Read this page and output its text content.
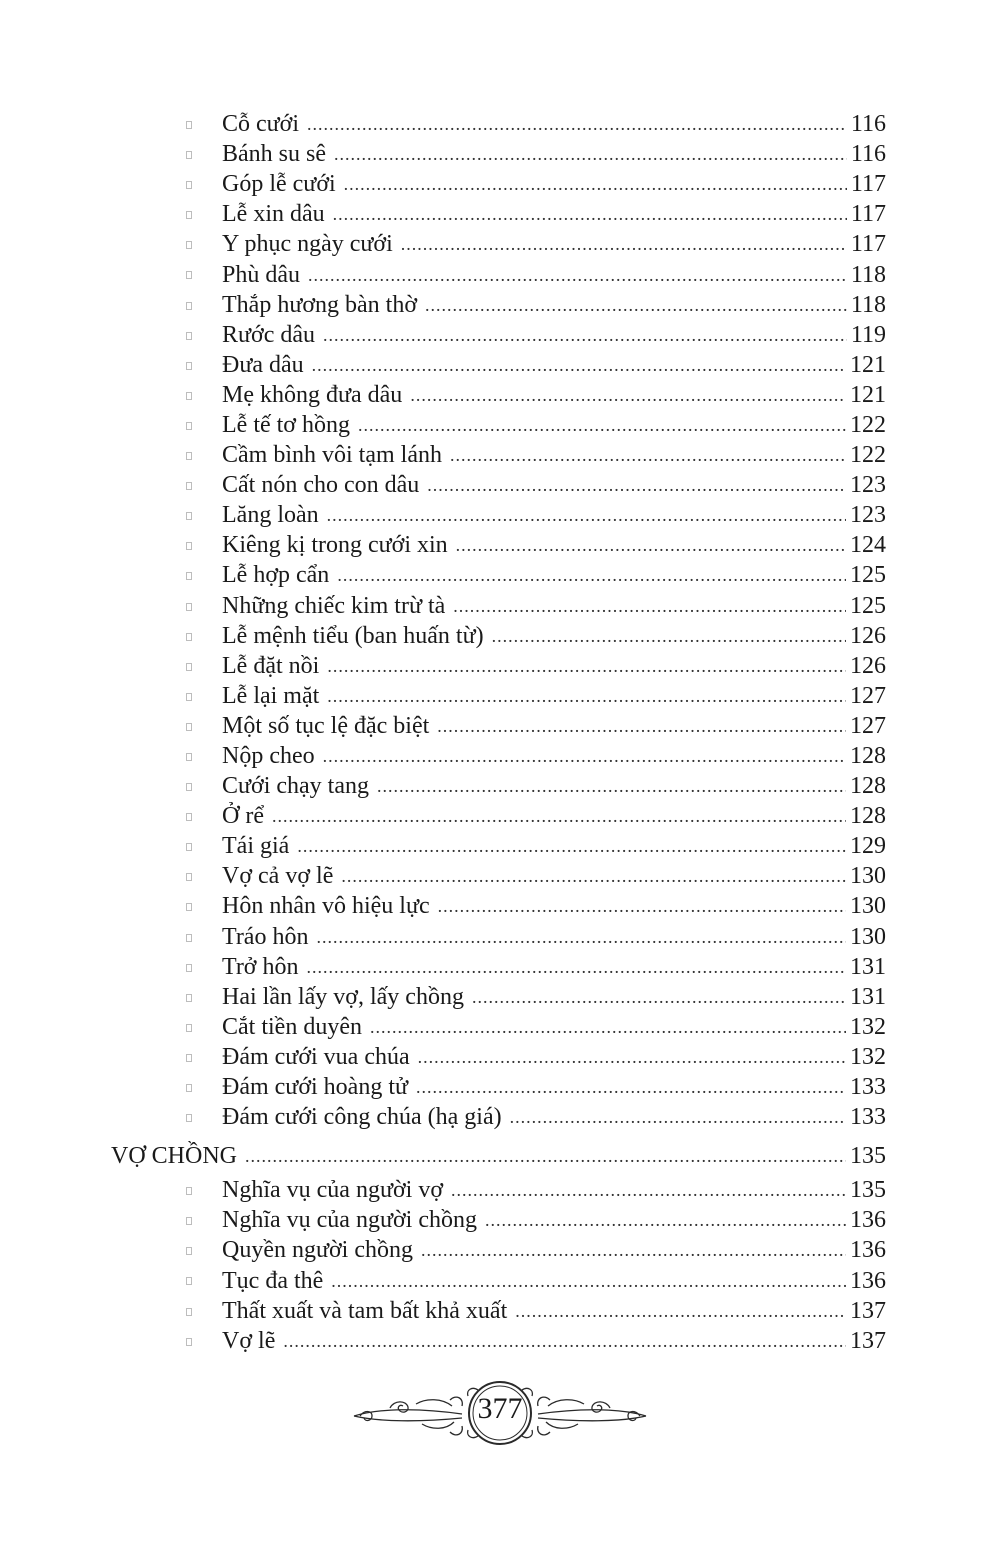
Cỗ cưới .....	116
Bánh su sê .....	116
Góp lễ cưới .....	117
Lễ xin dâu .....	117
Y phục ngày cưới .....	117
Phù dâu .....	118
Thắp hương bàn thờ .....	118
Rước dâu .....	119
Đưa dâu .....	121
Mẹ không đưa dâu .....	121
Lễ tế tơ hồng .....	122
Cầm bình vôi tạm lánh .....	122
Cất nón cho con dâu .....	123
Lăng loàn .....	123
Kiêng kị trong cưới xin .....	124
Lễ hợp cẩn .....	125
Những chiếc kim trừ tà .....	125
Lễ mệnh tiểu (ban huấn từ) .....	126
Lễ đặt nồi .....	126
Lễ lại mặt .....	127
Một số tục lệ đặc biệt .....	127
Nộp cheo .....	128
Cưới chạy tang .....	128
Ở rể .....	128
Tái giá .....	129
Vợ cả vợ lẽ .....	130
Hôn nhân vô hiệu lực .....	130
Tráo hôn .....	130
Trở hôn .....	131
Hai lần lấy vợ, lấy chồng .....	131
Cắt tiền duyên .....	132
Đám cưới vua chúa .....	132
Đám cưới hoàng tử .....	133
Đám cưới công chúa (hạ giá) .....	133
VỢ CHỒNG .....	135
Nghĩa vụ của người vợ .....	135
Nghĩa vụ của người chồng .....	136
Quyền người chồng .....	136
Tục đa thê .....	136
Thất xuất và tam bất khả xuất .....	137
Vợ lẽ .....	137
377
